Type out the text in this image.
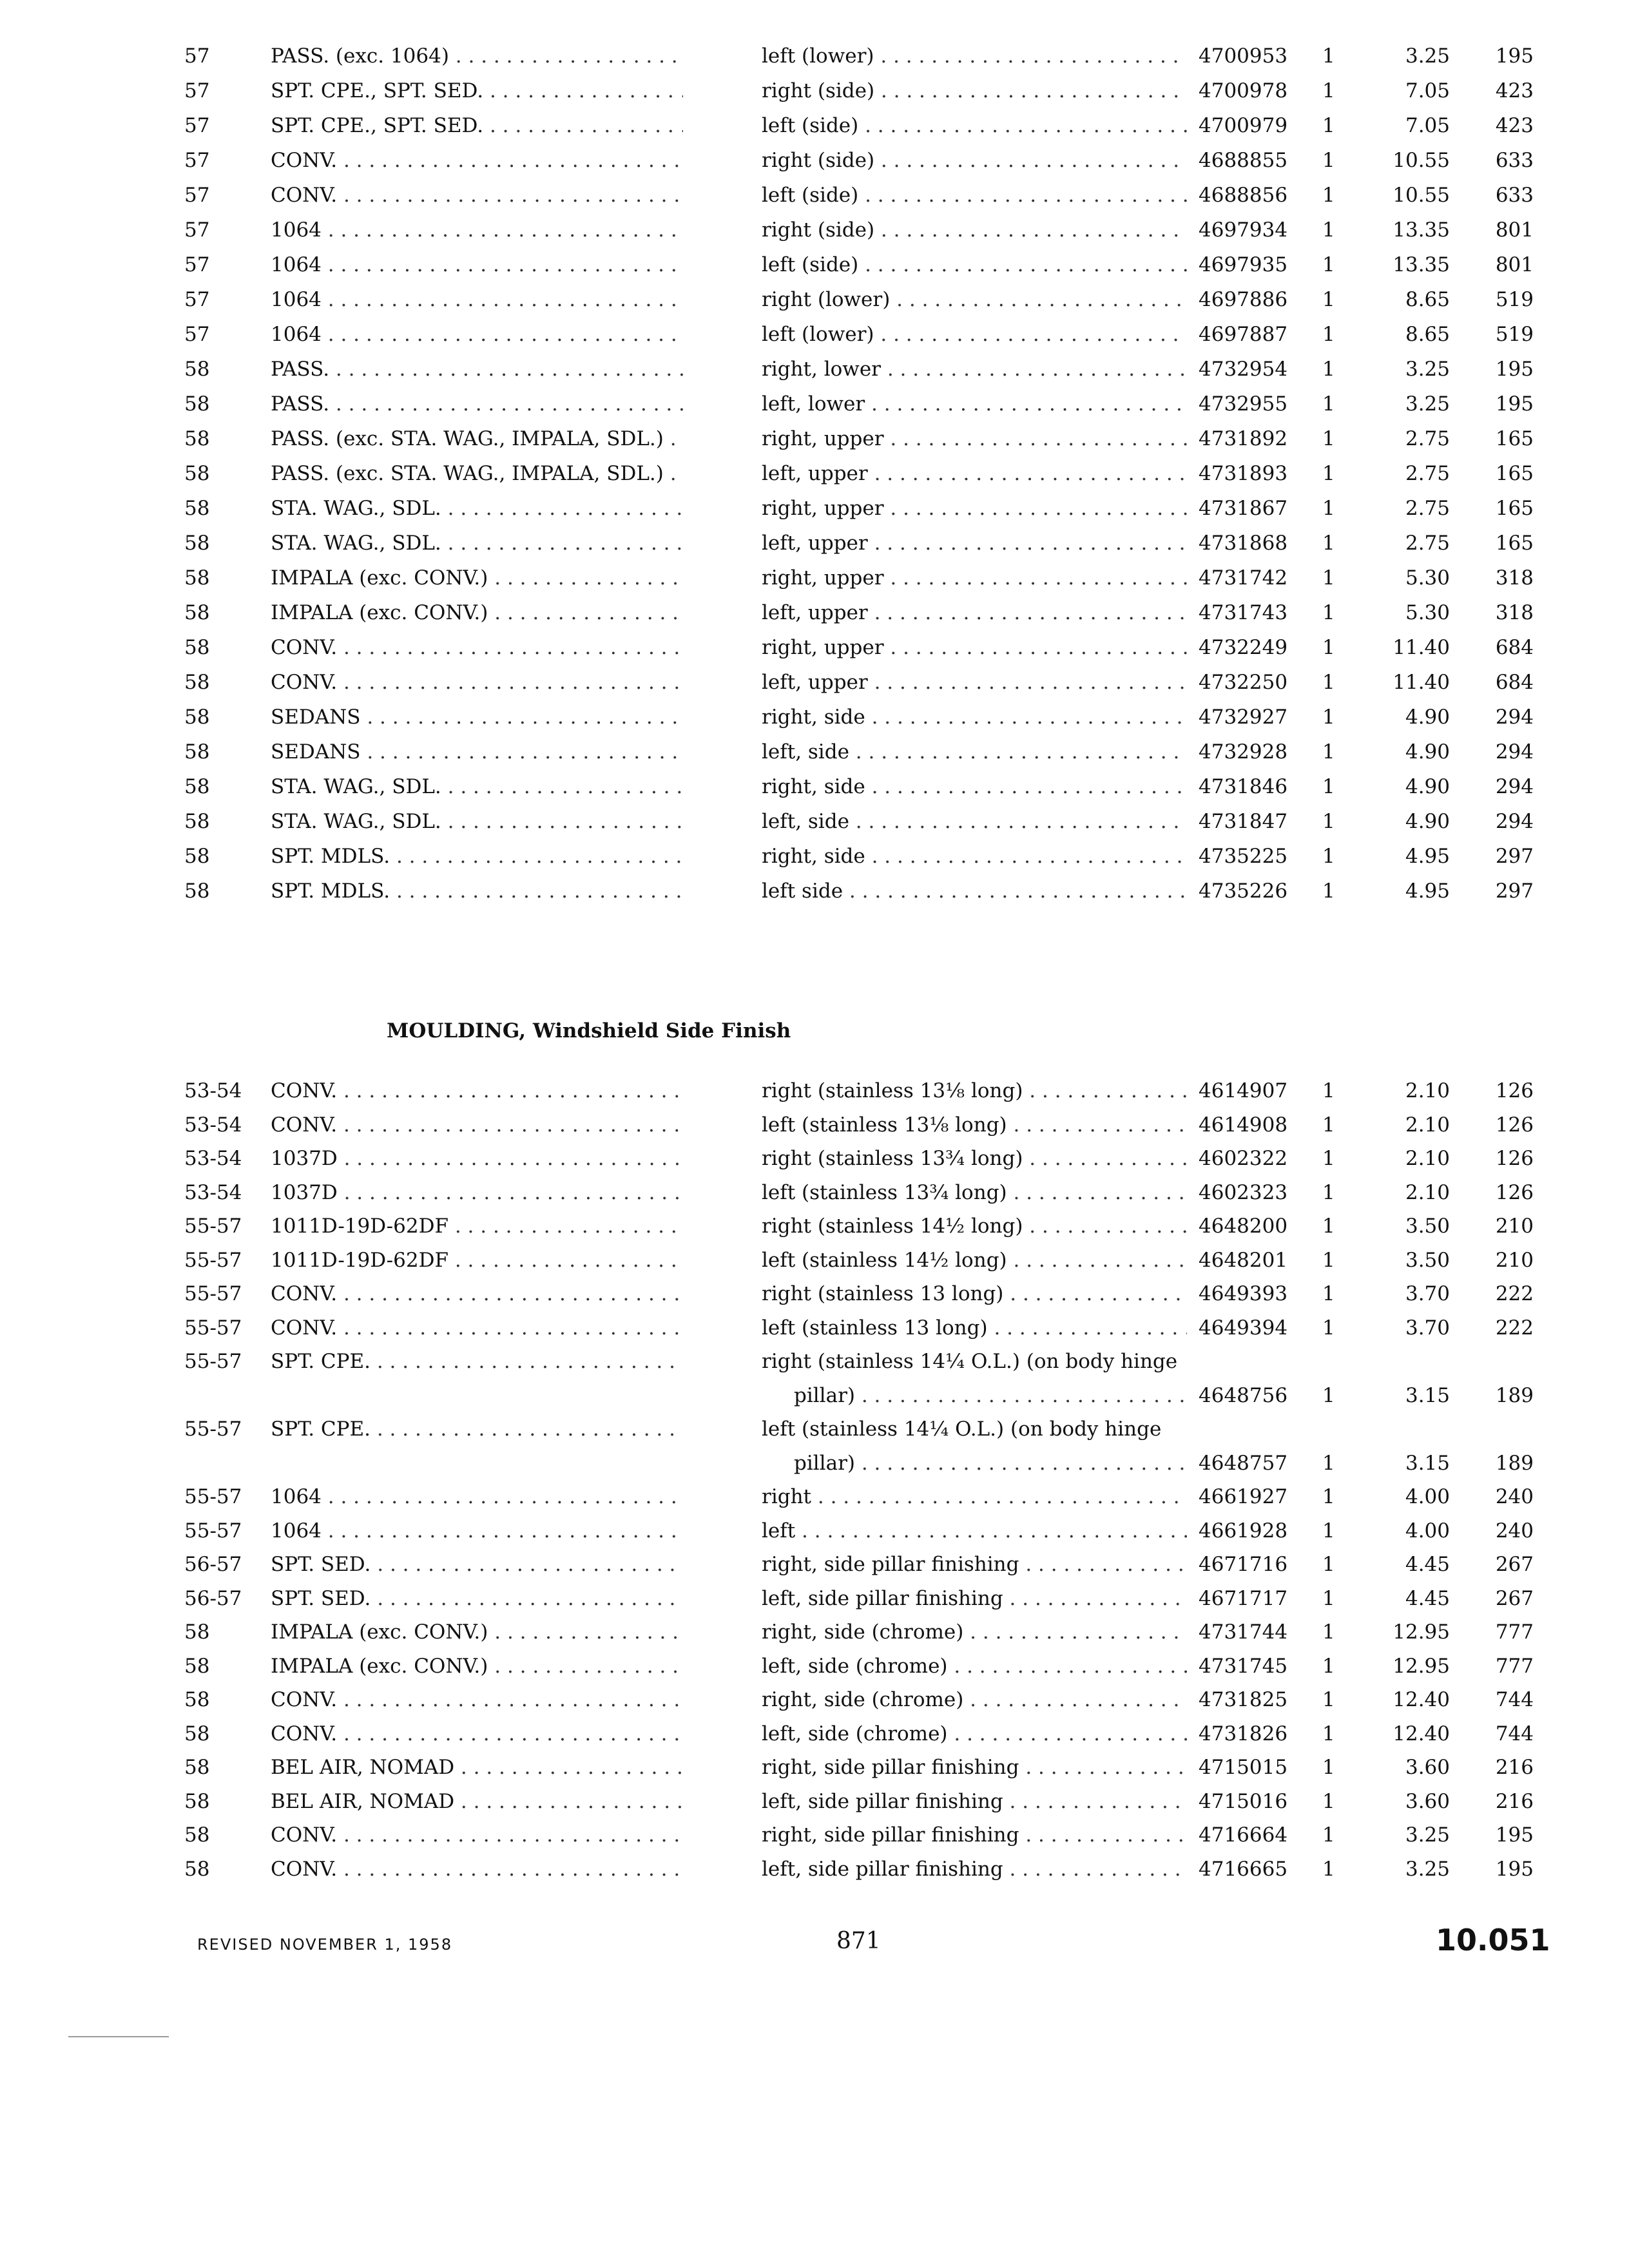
57	PASS. (exc. 1064) . . .	left (lower) . . .	4700953 1	3.25	195
57	SPT. CPE., SPT. SED. . . .	right (side) . . .	4700978 1	7.05	423
57	SPT. CPE., SPT. SED. . . .	left (side) . . .	4700979 1	7.05	423
57	CONV. . . .	right (side) . . .	4688855 1	10.55	633
57	CONV. . . .	left (side) . . .	4688856 1	10.55	633
57	1064 . . .	right (side) . . .	4697934 1	13.35	801
57	1064 . . .	left (side) . . .	4697935 1	13.35	801
57	1064 . . .	right (lower) . . .	4697886 1	8.65	519
57	1064 . . .	left (lower) . . .	4697887 1	8.65	519
58	PASS. . . .	right, lower . . .	4732954 1	3.25	195
58	PASS. . . .	left, lower . . .	4732955 1	3.25	195
58	PASS. (exc. STA. WAG., IMPALA, SDL.) . . .	right, upper . . .	4731892 1	2.75	165
58	PASS. (exc. STA. WAG., IMPALA, SDL.) . . .	left, upper . . .	4731893 1	2.75	165
58	STA. WAG., SDL. . . .	right, upper . . .	4731867 1	2.75	165
58	STA. WAG., SDL. . . .	left, upper . . .	4731868 1	2.75	165
58	IMPALA (exc. CONV.) . . .	right, upper . . .	4731742 1	5.30	318
58	IMPALA (exc. CONV.) . . .	left, upper . . .	4731743 1	5.30	318
58	CONV. . . .	right, upper . . .	4732249 1	11.40	684
58	CONV. . . .	left, upper . . .	4732250 1	11.40	684
58	SEDANS . . .	right, side . . .	4732927 1	4.90	294
58	SEDANS . . .	left, side . . .	4732928 1	4.90	294
58	STA. WAG., SDL. . . .	right, side . . .	4731846 1	4.90	294
58	STA. WAG., SDL. . . .	left, side . . .	4731847 1	4.90	294
58	SPT. MDLS. . . .	right, side . . .	4735225 1	4.95	297
58	SPT. MDLS. . . .	left side . . .	4735226 1	4.95	297
MOULDING, Windshield Side Finish
53-54 CONV. . . .	right (stainless 13⅛ long) . . .	4614907 1	2.10	126
53-54 CONV. . . .	left (stainless 13⅛ long) . . .	4614908 1	2.10	126
53-54 1037D . . .	right (stainless 13¾ long) . . .	4602322 1	2.10	126
53-54 1037D . . .	left (stainless 13¾ long) . . .	4602323 1	2.10	126
55-57 1011D-19D-62DF . . .	right (stainless 14½ long) . . .	4648200 1	3.50	210
55-57 1011D-19D-62DF . . .	left (stainless 14½ long) . . .	4648201 1	3.50	210
55-57 CONV. . . .	right (stainless 13 long) . . .	4649393 1	3.70	222
55-57 CONV. . . .	left (stainless 13 long) . . .	4649394 1	3.70	222
55-57 SPT. CPE. . . .	right (stainless 14¼ O.L.) (on body hinge
pillar) . . .	4648756 1	3.15	189
55-57 SPT. CPE. . . .	left (stainless 14¼ O.L.) (on body hinge
pillar) . . .	4648757 1	3.15	189
55-57 1064 . . .	right . . .	4661927 1	4.00	240
55-57 1064 . . .	left . . .	4661928 1	4.00	240
56-57 SPT. SED. . . .	right, side pillar finishing . . .	4671716 1	4.45	267
56-57 SPT. SED. . . .	left, side pillar finishing . . .	4671717 1	4.45	267
58	IMPALA (exc. CONV.) . . .	right, side (chrome) . . .	4731744 1	12.95	777
58	IMPALA (exc. CONV.) . . .	left, side (chrome) . . .	4731745 1	12.95	777
58	CONV. . . .	right, side (chrome) . . .	4731825 1	12.40	744
58	CONV. . . .	left, side (chrome) . . .	4731826 1	12.40	744
58	BEL AIR, NOMAD . . .	right, side pillar finishing . . .	4715015 1	3.60	216
58	BEL AIR, NOMAD . . .	left, side pillar finishing . . .	4715016 1	3.60	216
58	CONV. . . .	right, side pillar finishing . . .	4716664 1	3.25	195
58	CONV. . . .	left, side pillar finishing . . .	4716665 1	3.25	195
REVISED NOVEMBER 1, 1958	871	10.051
